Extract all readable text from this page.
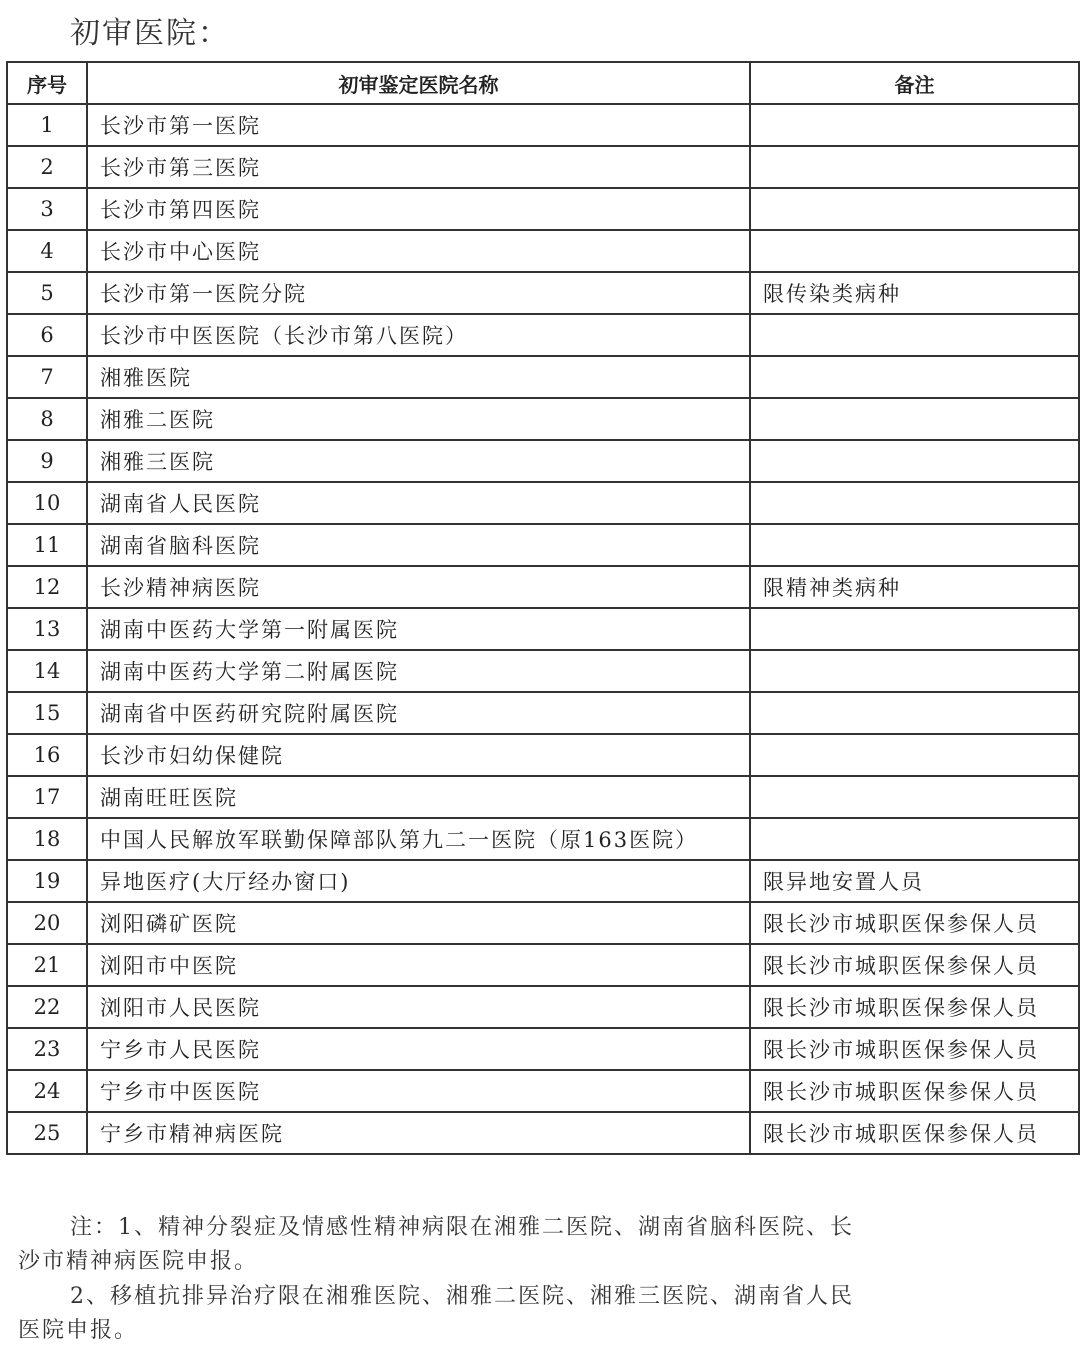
初审医院：
序号	初审鉴定医院名称	备注
1	长沙市第一医院	
2	长沙市第三医院	
3	长沙市第四医院	
4	长沙市中心医院	
5	长沙市第一医院分院	限传染类病种
6	长沙市中医医院（长沙市第八医院）	
7	湘雅医院	
8	湘雅二医院	
9	湘雅三医院	
10	湖南省人民医院	
11	湖南省脑科医院	
12	长沙精神病医院	限精神类病种
13	湖南中医药大学第一附属医院	
14	湖南中医药大学第二附属医院	
15	湖南省中医药研究院附属医院	
16	长沙市妇幼保健院	
17	湖南旺旺医院	
18	中国人民解放军联勤保障部队第九二一医院（原163医院）	
19	异地医疗(大厅经办窗口)	限异地安置人员
20	浏阳磷矿医院	限长沙市城职医保参保人员
21	浏阳市中医院	限长沙市城职医保参保人员
22	浏阳市人民医院	限长沙市城职医保参保人员
23	宁乡市人民医院	限长沙市城职医保参保人员
24	宁乡市中医医院	限长沙市城职医保参保人员
25	宁乡市精神病医院	限长沙市城职医保参保人员
注：1、精神分裂症及情感性精神病限在湘雅二医院、湖南省脑科医院、长
沙市精神病医院申报。
2、移植抗排异治疗限在湘雅医院、湘雅二医院、湘雅三医院、湖南省人民
医院申报。
